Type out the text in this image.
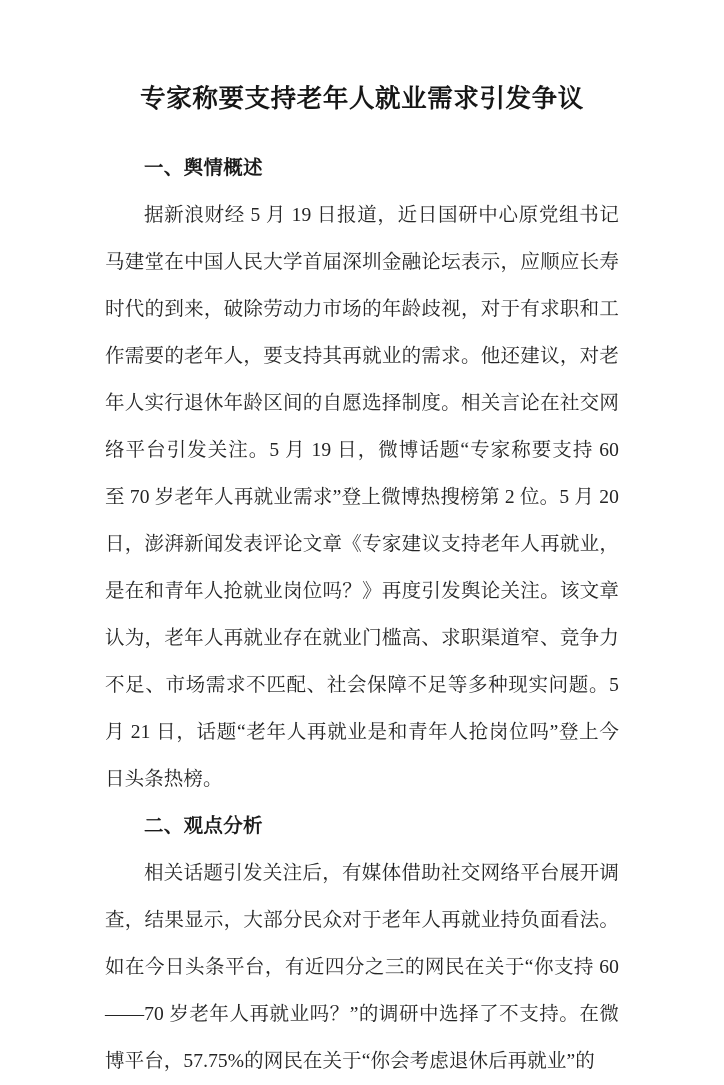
专家称要支持老年人就业需求引发争议
一、舆情概述

据新浪财经 5 月 19 日报道，近日国研中心原党组书记马建堂在中国人民大学首届深圳金融论坛表示，应顺应长寿时代的到来，破除劳动力市场的年龄歧视，对于有求职和工作需要的老年人，要支持其再就业的需求。他还建议，对老年人实行退休年龄区间的自愿选择制度。相关言论在社交网络平台引发关注。5 月 19 日，微博话题“专家称要支持 60 至 70 岁老年人再就业需求”登上微博热搜榜第 2 位。5 月 20 日，澎湃新闻发表评论文章《专家建议支持老年人再就业，是在和青年人抢就业岗位吗？》再度引发舆论关注。该文章认为，老年人再就业存在就业门槛高、求职渠道窄、竞争力不足、市场需求不匹配、社会保障不足等多种现实问题。5 月 21 日，话题“老年人再就业是和青年人抢岗位吗”登上今日头条热榜。

二、观点分析

相关话题引发关注后，有媒体借助社交网络平台展开调查，结果显示，大部分民众对于老年人再就业持负面看法。如在今日头条平台，有近四分之三的网民在关于“你支持 60——70 岁老年人再就业吗？”的调研中选择了不支持。在微博平台，57.75%的网民在关于“你会考虑退休后再就业”的
